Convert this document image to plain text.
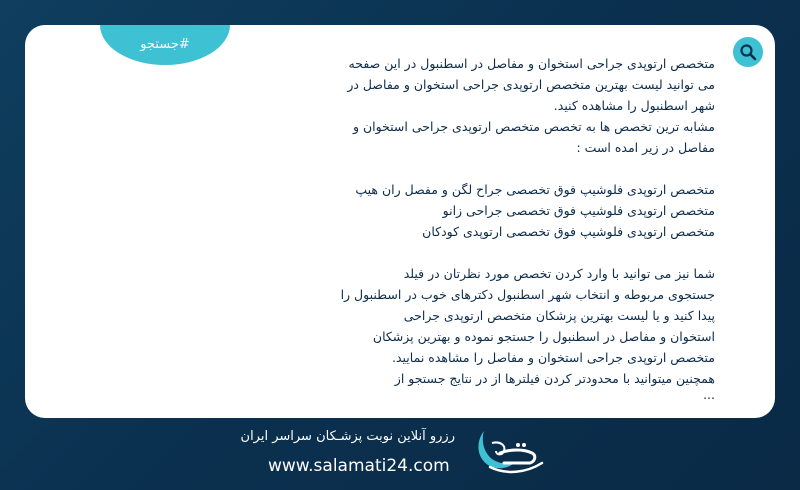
#جستجو
متخصص ارتوپدی جراحی استخوان و مفاصل در اسطنبول در این صفحه
می توانید لیست بهترین متخصص ارتوپدی جراحی استخوان و مفاصل در
شهر اسطنبول را مشاهده کنید.
مشابه ترین تخصص ها به تخصص متخصص ارتوپدی جراحی استخوان و
مفاصل در زیر امده است :
متخصص ارتوپدی فلوشیپ فوق تخصصی جراح لگن و مفصل ران هیپ
متخصص ارتوپدی فلوشیپ فوق تخصصی جراحی زانو
متخصص ارتوپدی فلوشیپ فوق تخصصی ارتوپدی کودکان
شما نیز می توانید با وارد کردن تخصص مورد نظرتان در فیلد
جستجوی مربوطه و انتخاب شهر اسطنبول دکترهای خوب در اسطنبول را
پیدا کنید و یا لیست بهترین پزشکان متخصص ارتوپدی جراحی
استخوان و مفاصل در اسطنبول را جستجو نموده و بهترین پزشکان
متخصص ارتوپدی جراحی استخوان و مفاصل را مشاهده نمایید.
همچنین میتوانید با محدودتر کردن فیلترها از در نتایج جستجو از
...
رزرو آنلاین نوبت پزشـکان سراسر ایران
www.salamati24.com
